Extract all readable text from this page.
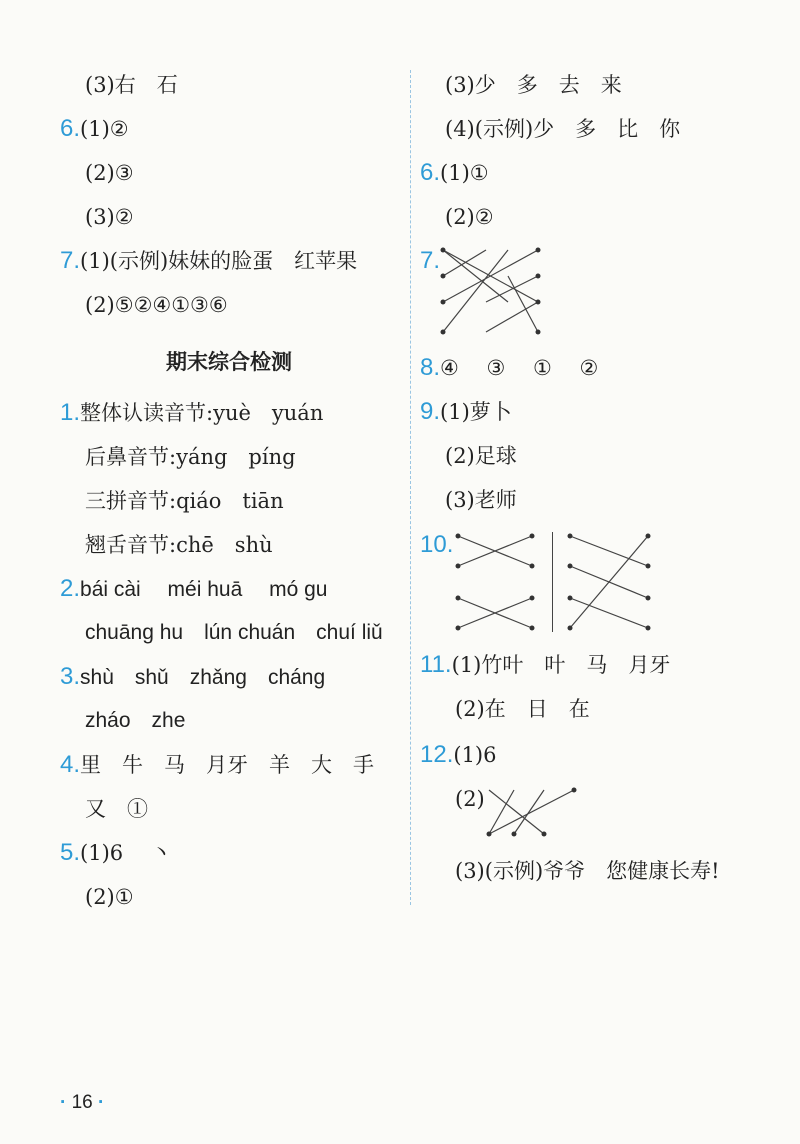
(3)右　石
6.(1)②
(2)③
(3)②
7.(1)(示例)妹妹的脸蛋　红苹果
(2)⑤②④①③⑥
期末综合检测
1.整体认读音节:yuè　yuán
后鼻音节:yáng　píng
三拼音节:qiáo　tiān
翘舌音节:chē　shù
2.bái cài　 méi huā　 mó gu
chuāng hu　lún chuán　chuí liǔ
3.shù　shǔ　zhǎng　cháng
zháo　zhe
4.里　牛　马　月牙　羊　大　手
又　①
5.(1)6　 丶
(2)①
(3)少　多　去　来
(4)(示例)少　多　比　你
6.(1)①
(2)②
7.
8.④　 ③　 ①　 ②
9.(1)萝卜
(2)足球
(3)老师
10.
11.(1)竹叶　叶　马　月牙
(2)在　日　在
12.(1)6
(2)
(3)(示例)爷爷　您健康长寿!
· 16 ·
